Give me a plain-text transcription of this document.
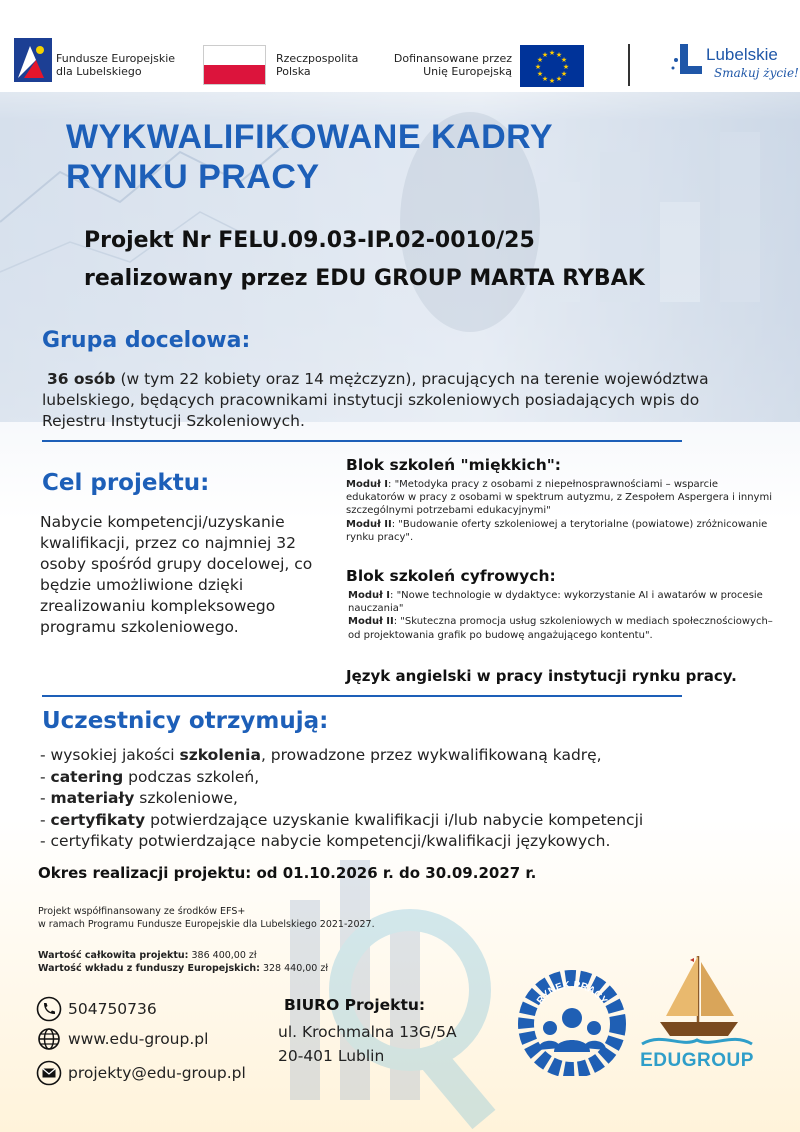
Fundusze Europejskie
dla Lubelskiego
Rzeczpospolita
Polska
Dofinansowane przez
Unię Europejską
★ ★
★
★
★
★
★
★
★
★
★
★	Lubelskie
Smakuj życie!
WYKWALIFIKOWANE KADRY
RYNKU PRACY
Projekt Nr FELU.09.03-IP.02-0010/25
realizowany przez EDU GROUP MARTA RYBAK
Grupa docelowa:

36 osób (w tym 22 kobiety oraz 14 mężczyzn), pracujących na terenie województwa lubelskiego, będących pracownikami instytucji szkoleniowych posiadających wpis do Rejestru Instytucji Szkoleniowych.

Cel projektu:

Nabycie kompetencji/uzyskanie kwalifikacji, przez co najmniej 32 osoby spośród grupy docelowej, co będzie umożliwione dzięki zrealizowaniu kompleksowego programu szkoleniowego.

Blok szkoleń "miękkich":

Moduł I: "Metodyka pracy z osobami z niepełnosprawnościami – wsparcie edukatorów w pracy z osobami w spektrum autyzmu, z Zespołem Aspergera i innymi szczególnymi potrzebami edukacyjnymi"

Moduł II: "Budowanie oferty szkoleniowej a terytorialne (powiatowe) zróżnicowanie rynku pracy".

Blok szkoleń cyfrowych:

Moduł I: "Nowe technologie w dydaktyce: wykorzystanie AI i awatarów w procesie nauczania"

Moduł II: "Skuteczna promocja usług szkoleniowych w mediach społecznościowych– od projektowania grafik po budowę angażującego kontentu".

Język angielski w pracy instytucji rynku pracy.
Uczestnicy otrzymują:
- wysokiej jakości szkolenia, prowadzone przez wykwalifikowaną kadrę,
- catering podczas szkoleń,
- materiały szkoleniowe,
- certyfikaty potwierdzające uzyskanie kwalifikacji i/lub nabycie kompetencji
- certyfikaty potwierdzające nabycie kompetencji/kwalifikacji językowych.
Okres realizacji projektu: od 01.10.2026 r. do 30.09.2027 r.
Projekt współfinansowany ze środków EFS+
w ramach Programu Fundusze Europejskie dla Lubelskiego 2021-2027.
Wartość całkowita projektu: 386 400,00 zł
Wartość wkładu z funduszy Europejskich: 328 440,00 zł
504750736
www.edu-group.pl
projekty@edu-group.pl
BIURO Projektu:
ul. Krochmalna 13G/5A
20-401 Lublin
RYNEK PRACY
EDUGROUP
